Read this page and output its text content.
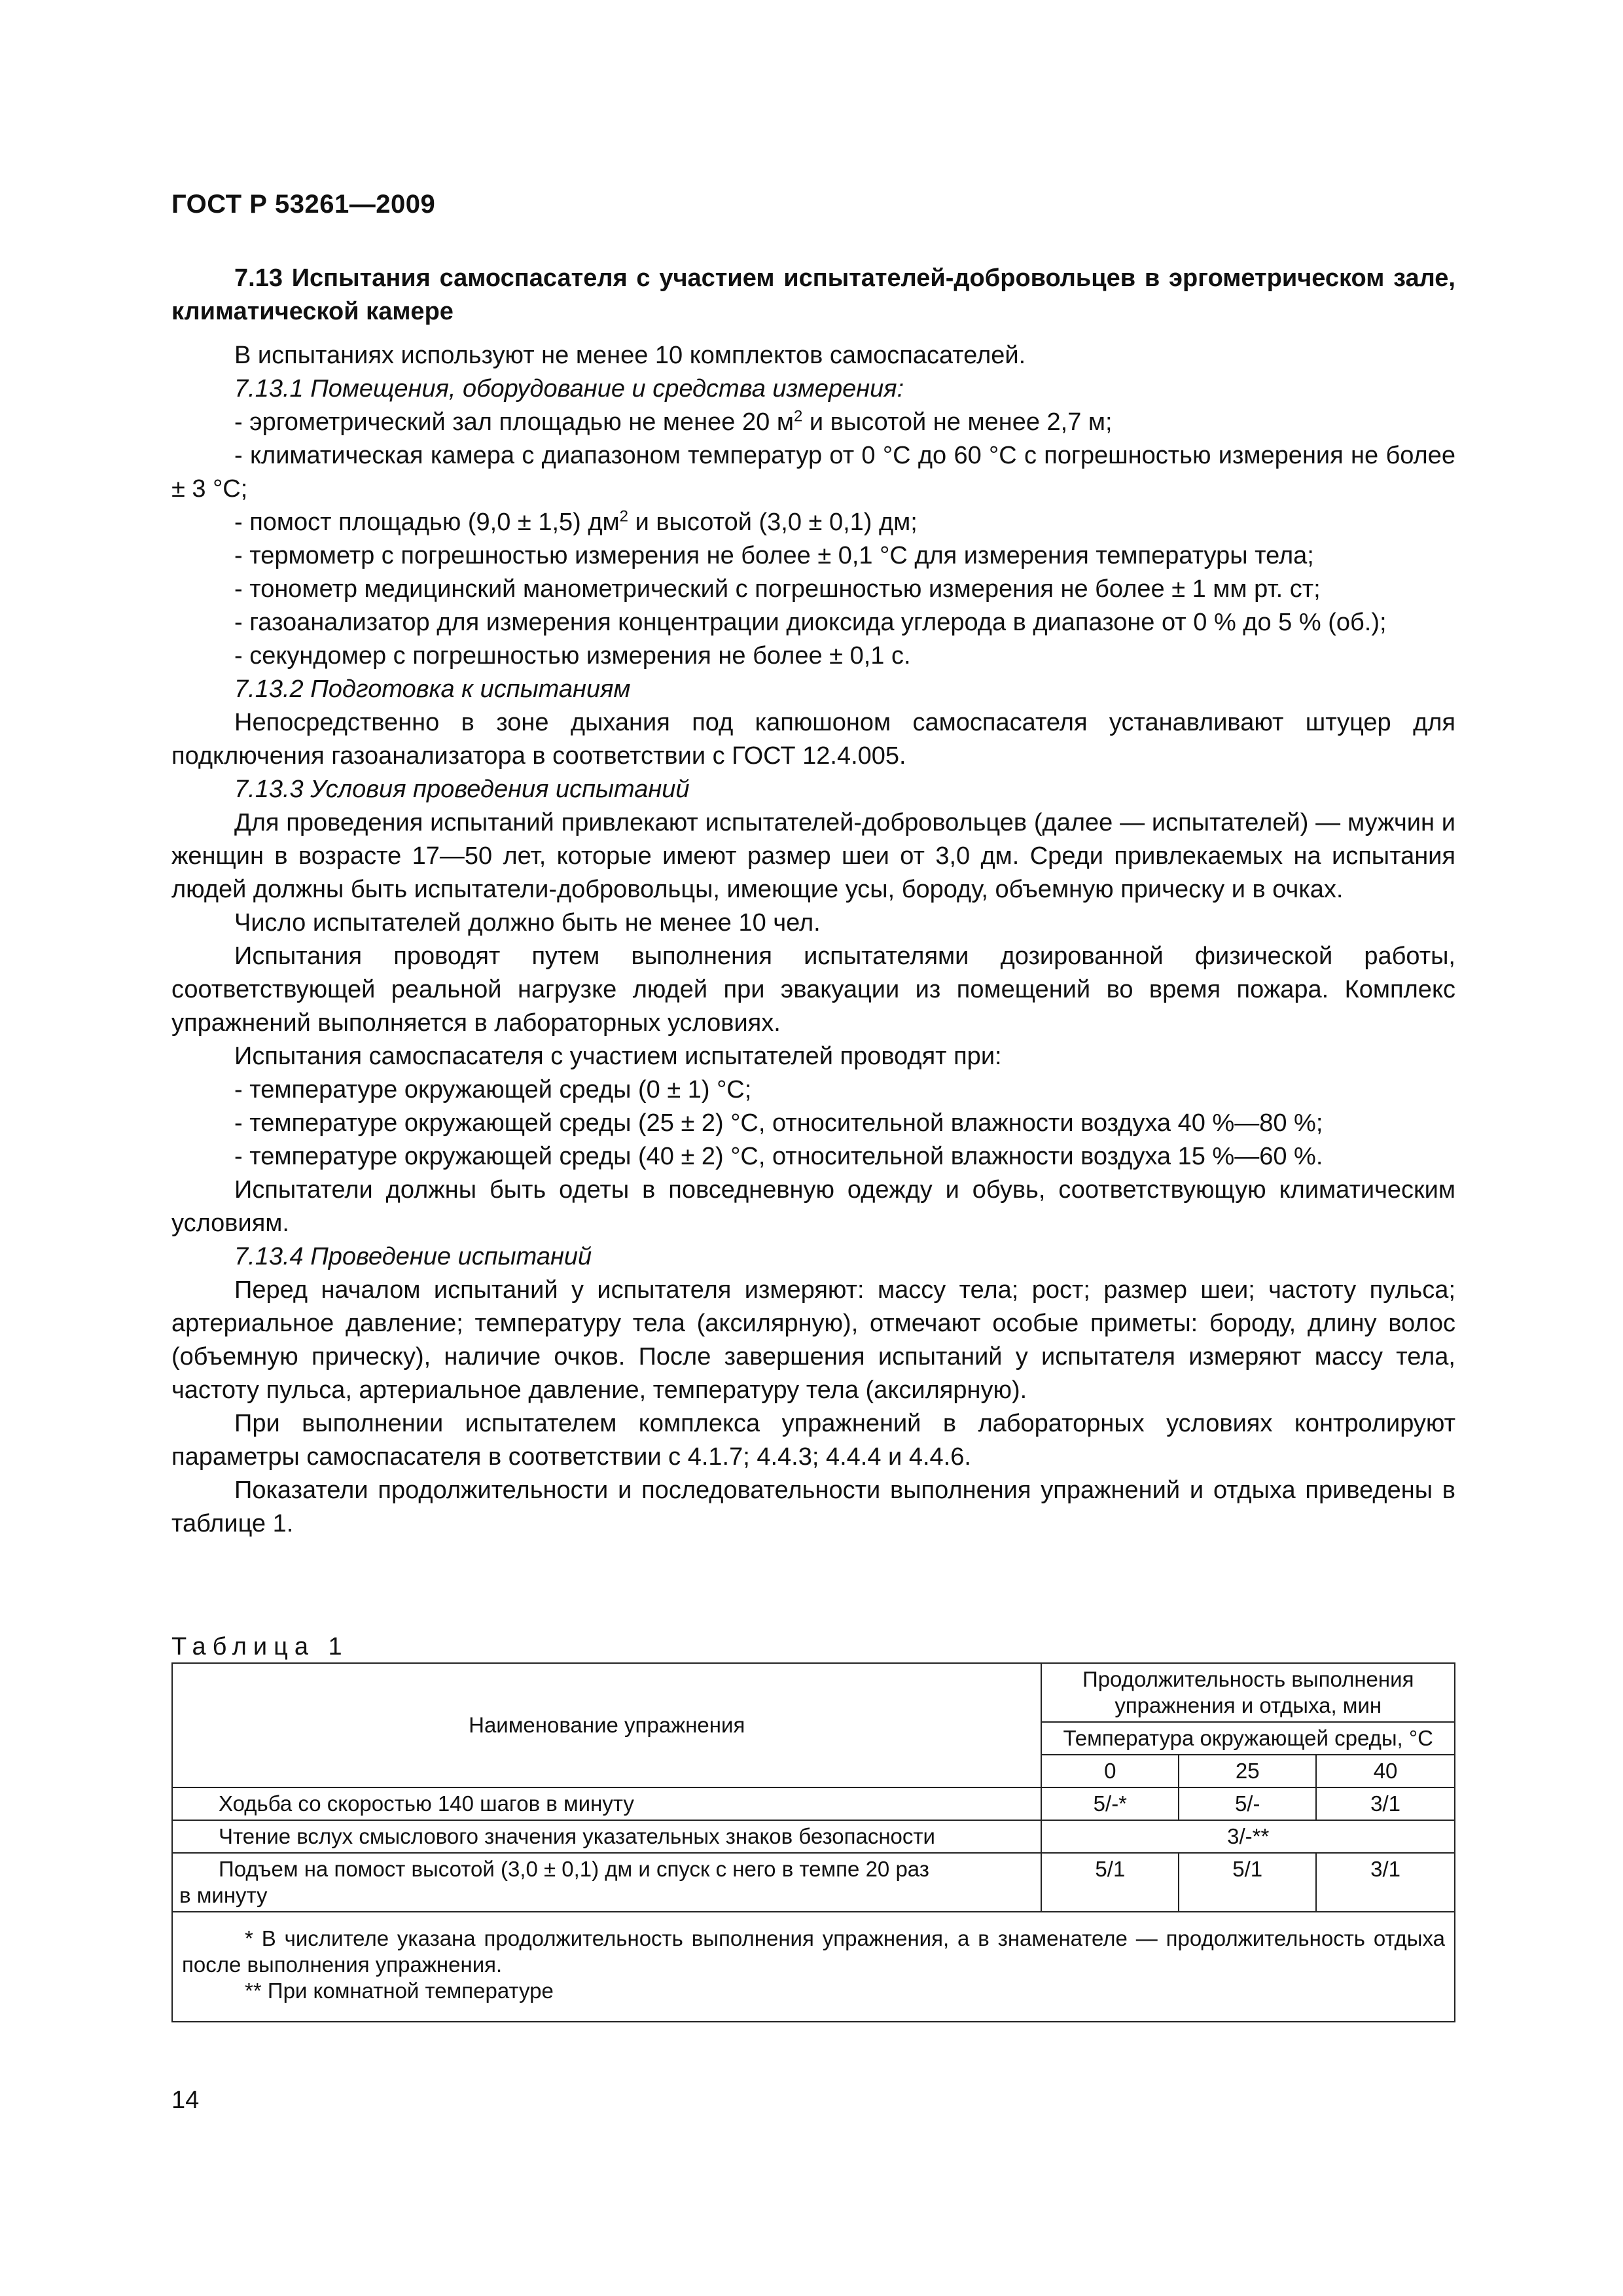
ГОСТ Р 53261—2009

7.13 Испытания самоспасателя с участием испытателей-добровольцев в эргометрическом зале, климатической камере

В испытаниях используют не менее 10 комплектов самоспасателей.

7.13.1 Помещения, оборудование и средства измерения:

- эргометрический зал площадью не менее 20 $м^2$ и высотой не менее 2,7 м;

- климатическая камера с диапазоном температур от 0 °С до 60 °С с погрешностью измерения не более ± 3 °С;

- помост площадью (9,0 ± 1,5) $дм^2$ и высотой (3,0 ± 0,1) дм;

- термометр с погрешностью измерения не более ± 0,1 °С для измерения температуры тела;

- тонометр медицинский манометрический с погрешностью измерения не более ± 1 мм рт. ст;

- газоанализатор для измерения концентрации диоксида углерода в диапазоне от 0 % до 5 % (об.);

- секундомер с погрешностью измерения не более ± 0,1 с.

7.13.2 Подготовка к испытаниям

Непосредственно в зоне дыхания под капюшоном самоспасателя устанавливают штуцер для подключения газоанализатора в соответствии с ГОСТ 12.4.005.

7.13.3 Условия проведения испытаний

Для проведения испытаний привлекают испытателей-добровольцев (далее — испытателей) — мужчин и женщин в возрасте 17—50 лет, которые имеют размер шеи от 3,0 дм. Среди привлекаемых на испытания людей должны быть испытатели-добровольцы, имеющие усы, бороду, объемную прическу и в очках.

Число испытателей должно быть не менее 10 чел.

Испытания проводят путем выполнения испытателями дозированной физической работы, соответствующей реальной нагрузке людей при эвакуации из помещений во время пожара. Комплекс упражнений выполняется в лабораторных условиях.

Испытания самоспасателя с участием испытателей проводят при:

- температуре окружающей среды (0 ± 1) °С;

- температуре окружающей среды (25 ± 2) °С, относительной влажности воздуха 40 %—80 %;

- температуре окружающей среды (40 ± 2) °С, относительной влажности воздуха 15 %—60 %.

Испытатели должны быть одеты в повседневную одежду и обувь, соответствующую климатическим условиям.

7.13.4 Проведение испытаний

Перед началом испытаний у испытателя измеряют: массу тела; рост; размер шеи; частоту пульса; артериальное давление; температуру тела (аксилярную), отмечают особые приметы: бороду, длину волос (объемную прическу), наличие очков. После завершения испытаний у испытателя измеряют массу тела, частоту пульса, артериальное давление, температуру тела (аксилярную).

При выполнении испытателем комплекса упражнений в лабораторных условиях контролируют параметры самоспасателя в соответствии с 4.1.7; 4.4.3; 4.4.4 и 4.4.6.

Показатели продолжительности и последовательности выполнения упражнений и отдыха приведены в таблице 1.

Таблица 1
Наименование упражнения	Продолжительность выполнения упражнения и отдыха, мин		
	Температура окружающей среды, °С		
	0	25	40
Ходьба со скоростью 140 шагов в минуту	5/-*	5/-	3/1
Чтение вслух смыслового значения указательных знаков безопасности	3/-**		

Подъем на помост высотой (3,0 ± 0,1) дм и спуск с него в темпе 20 раз
в минуту	5/1	5/1	3/1

* В числителе указана продолжительность выполнения упражнения, а в знаменателе — продолжительность отдыха после выполнения упражнения.
** При комнатной температуре			
14
